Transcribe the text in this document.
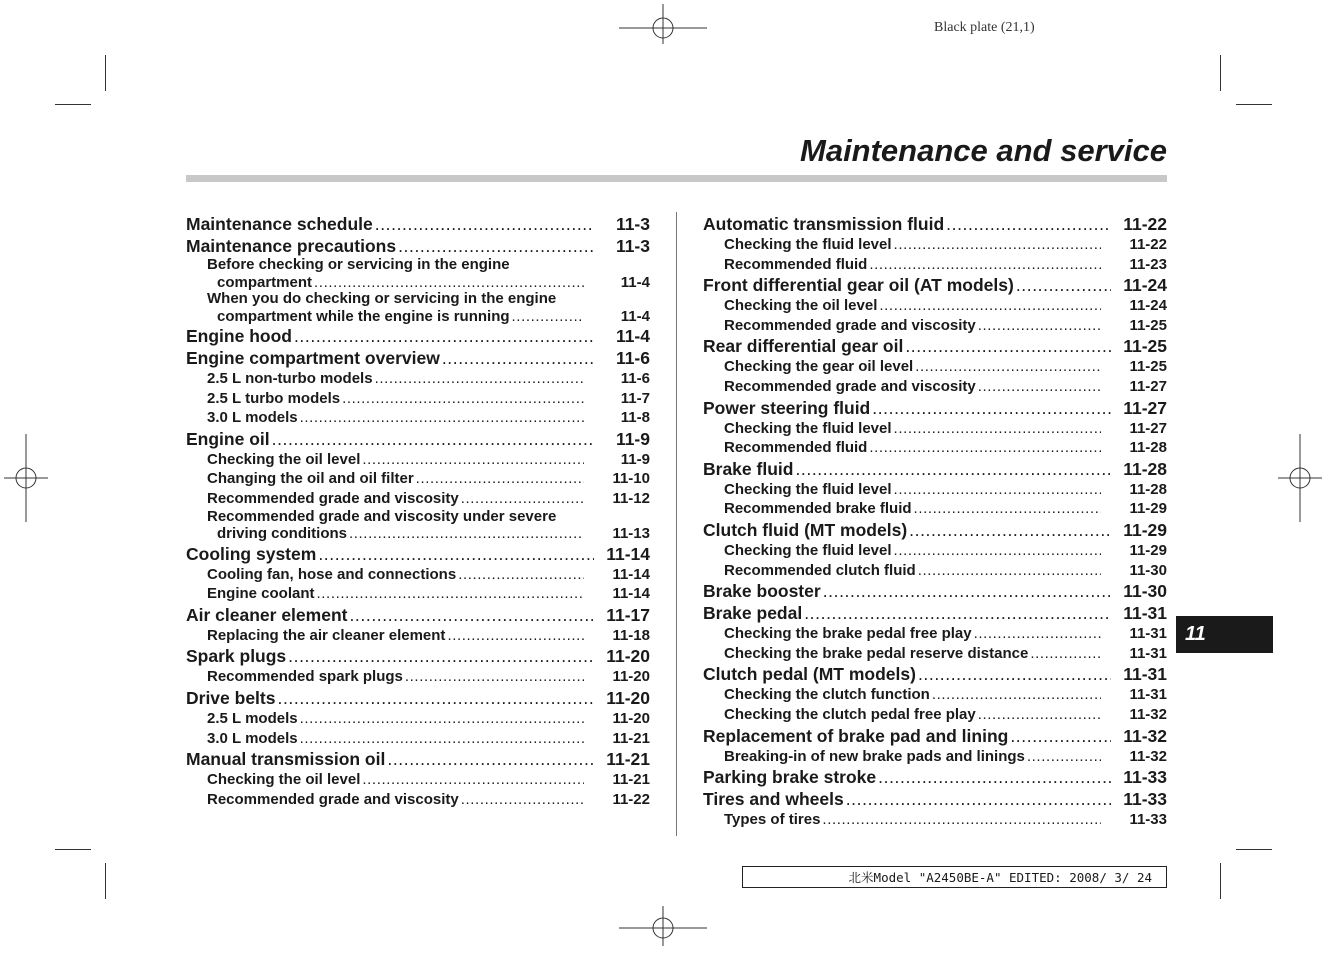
Black plate (21,1)
Maintenance and service
Maintenance schedule .....	11-3
Maintenance precautions .....	11-3
Before checking or servicing in the engine
compartment .....	11-4
When you do checking or servicing in the engine
compartment while the engine is running .....	11-4
Engine hood .....	11-4
Engine compartment overview .....	11-6
2.5 L non-turbo models .....	11-6
2.5 L turbo models .....	11-7
3.0 L models .....	11-8
Engine oil .....	11-9
Checking the oil level .....	11-9
Changing the oil and oil filter .....	11-10
Recommended grade and viscosity .....	11-12
Recommended grade and viscosity under severe
driving conditions .....	11-13
Cooling system .....	11-14
Cooling fan, hose and connections .....	11-14
Engine coolant .....	11-14
Air cleaner element .....	11-17
Replacing the air cleaner element .....	11-18
Spark plugs .....	11-20
Recommended spark plugs .....	11-20
Drive belts .....	11-20
2.5 L models .....	11-20
3.0 L models .....	11-21
Manual transmission oil .....	11-21
Checking the oil level .....	11-21
Recommended grade and viscosity .....	11-22
Automatic transmission fluid .....	11-22
Checking the fluid level .....	11-22
Recommended fluid .....	11-23
Front differential gear oil (AT models) .....	11-24
Checking the oil level .....	11-24
Recommended grade and viscosity .....	11-25
Rear differential gear oil .....	11-25
Checking the gear oil level .....	11-25
Recommended grade and viscosity .....	11-27
Power steering fluid .....	11-27
Checking the fluid level .....	11-27
Recommended fluid .....	11-28
Brake fluid .....	11-28
Checking the fluid level .....	11-28
Recommended brake fluid .....	11-29
Clutch fluid (MT models) .....	11-29
Checking the fluid level .....	11-29
Recommended clutch fluid .....	11-30
Brake booster .....	11-30
Brake pedal .....	11-31
Checking the brake pedal free play .....	11-31
Checking the brake pedal reserve distance .....	11-31
Clutch pedal (MT models) .....	11-31
Checking the clutch function .....	11-31
Checking the clutch pedal free play .....	11-32
Replacement of brake pad and lining .....	11-32
Breaking-in of new brake pads and linings .....	11-32
Parking brake stroke .....	11-33
Tires and wheels .....	11-33
Types of tires .....	11-33
11
北米Model "A2450BE-A" EDITED: 2008/ 3/ 24
